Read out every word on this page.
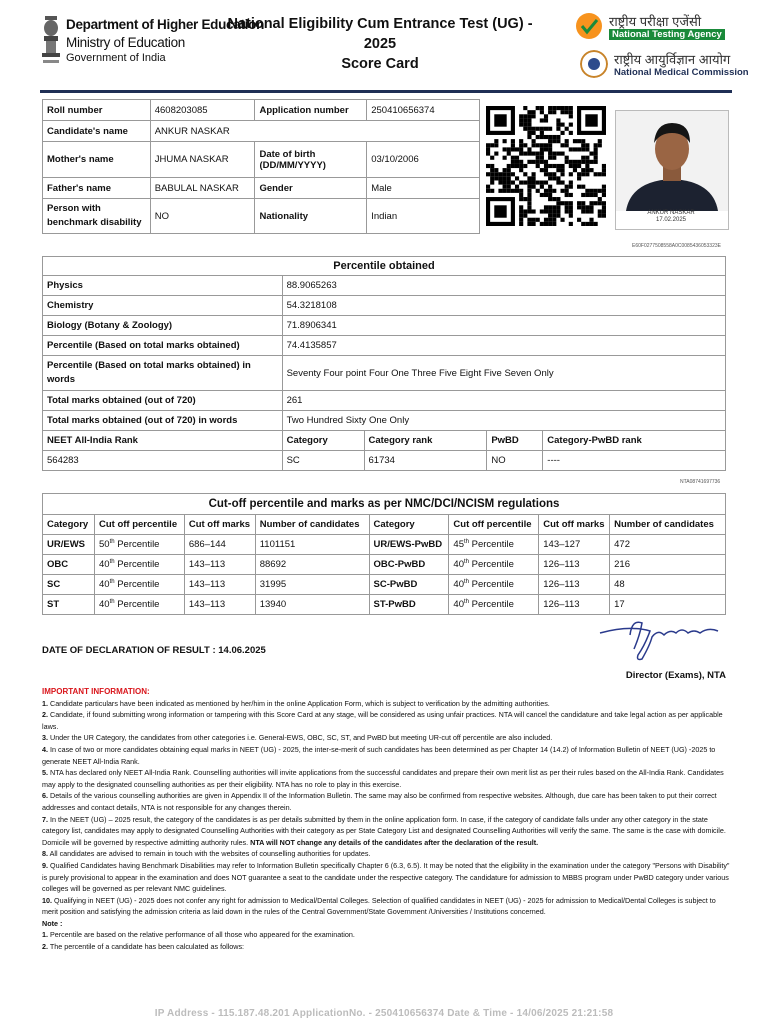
Department of Higher Education
Ministry of Education
Government of India
National Eligibility Cum Entrance Test (UG) - 2025
Score Card
राष्ट्रीय परीक्षा एजेंसी
National Testing Agency
राष्ट्रीय आयुर्विज्ञान आयोग
National Medical Commission
Roll number	4608203085	Application number	250410656374
Candidate's name	ANKUR NASKAR		
Mother's name	JHUMA NASKAR	Date of birth (DD/MM/YYYY)	03/10/2006
Father's name	BABULAL NASKAR	Gender	Male
Person with benchmark disability	NO	Nationality	Indian	ANKUR NASKAR
17.02.2025
E60F0277508558A0C0085436053323E
Percentile obtained				
Physics	88.9065263			
Chemistry	54.3218108			
Biology (Botany & Zoology)	71.8906341			
Percentile (Based on total marks obtained)	74.4135857			
Percentile (Based on total marks obtained) in words	Seventy Four point Four One Three Five Eight Five Seven Only			
Total marks obtained (out of 720)	261			
Total marks obtained (out of 720) in words	Two Hundred Sixty One Only			
NEET All-India Rank	Category	Category rank	PwBD	Category-PwBD rank
564283	SC	61734	NO	----
NTA08741697736
Cut-off percentile and marks as per NMC/DCI/NCISM regulations							
Category	Cut off percentile	Cut off marks	Number of candidates	Category	Cut off percentile	Cut off marks	Number of candidates
UR/EWS	50th Percentile	686–144	1101151	UR/EWS-PwBD	45th Percentile	143–127	472
OBC	40th Percentile	143–113	88692	OBC-PwBD	40th Percentile	126–113	216
SC	40th Percentile	143–113	31995	SC-PwBD	40th Percentile	126–113	48
ST	40th Percentile	143–113	13940	ST-PwBD	40th Percentile	126–113	17
DATE OF DECLARATION OF RESULT : 14.06.2025
Director (Exams), NTA
IMPORTANT INFORMATION:

1. Candidate particulars have been indicated as mentioned by her/him in the online Application Form, which is subject to verification by the admitting authorities.

2. Candidate, if found submitting wrong information or tampering with this Score Card at any stage, will be considered as using unfair practices. NTA will cancel the candidature and take legal action as per applicable laws.

3. Under the UR Category, the candidates from other categories i.e. General-EWS, OBC, SC, ST, and PwBD but meeting UR-cut off percentile are also included.

4. In case of two or more candidates obtaining equal marks in NEET (UG) - 2025, the inter-se-merit of such candidates has been determined as per Chapter 14 (14.2) of Information Bulletin of NEET (UG) -2025 to generate NEET All-India Rank.

5. NTA has declared only NEET All-India Rank. Counselling authorities will invite applications from the successful candidates and prepare their own merit list as per their rules based on the All-India Rank. Candidates may apply to the designated counselling authorities as per their eligibility. NTA has no role to play in this exercise.

6. Details of the various counselling authorities are given in Appendix II of the Information Bulletin. The same may also be confirmed from respective websites. Although, due care has been taken to put their correct addresses and contact details, NTA is not responsible for any changes therein.

7. In the NEET (UG) – 2025 result, the category of the candidates is as per details submitted by them in the online application form. In case, if the category of candidate falls under any other category in the state category list, candidates may apply to designated Counselling Authorities with their category as per State Category List and designated Counselling Authorities will verify the same. The same is the case with domicile. Domicile will be governed by respective admitting authority rules. NTA will NOT change any details of the candidates after the declaration of the result.

8. All candidates are advised to remain in touch with the websites of counselling authorities for updates.

9. Qualified Candidates having Benchmark Disabilities may refer to Information Bulletin specifically Chapter 6 (6.3, 6.5). It may be noted that the eligibility in the examination under the category "Persons with Disability" is purely provisional to appear in the examination and does NOT guarantee a seat to the candidate under the respective category. The candidature for admission to MBBS program under PwBD category under various colleges will be governed as per relevant NMC guidelines.

10. Qualifying in NEET (UG) - 2025 does not confer any right for admission to Medical/Dental Colleges. Selection of qualified candidates in NEET (UG) - 2025 for admission to Medical/Dental Colleges is subject to merit position and satisfying the admission criteria as laid down in the rules of the Central Government/State Government /Universities / Institutions concerned.

Note :

1. Percentile are based on the relative performance of all those who appeared for the examination.

2. The percentile of a candidate has been calculated as follows:

IP Address - 115.187.48.201 ApplicationNo. - 250410656374 Date & Time - 14/06/2025 21:21:58
